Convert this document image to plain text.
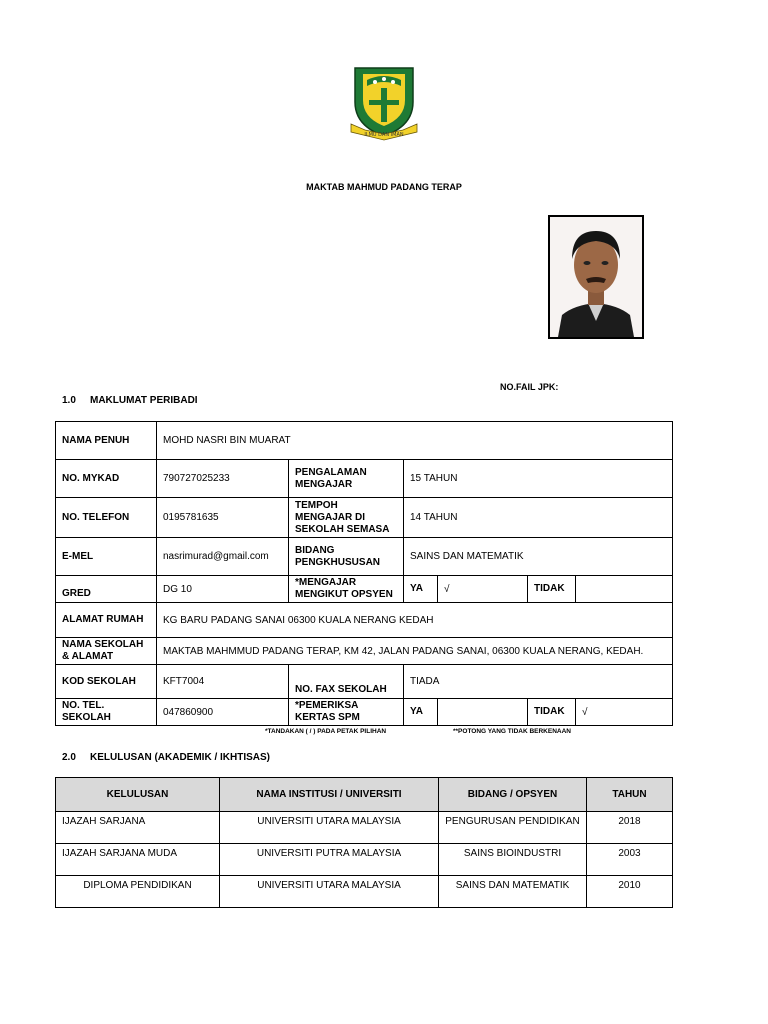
ILMU DAN IMAN
MAKTAB MAHMUD PADANG TERAP
NO.FAIL JPK:
1.0 MAKLUMAT PERIBADI
NAMA PENUH	MOHD NASRI BIN MUARAT					
NO. MYKAD	790727025233	PENGALAMAN MENGAJAR	15 TAHUN			
NO. TELEFON	0195781635	TEMPOH MENGAJAR DI SEKOLAH SEMASA	14 TAHUN			
E-MEL	nasrimurad@gmail.com	BIDANG PENGKHUSUSAN	SAINS DAN MATEMATIK			
GRED	DG 10	*MENGAJAR MENGIKUT OPSYEN	YA	√	TIDAK	
ALAMAT RUMAH	KG BARU PADANG SANAI 06300 KUALA NERANG KEDAH					
NAMA SEKOLAH & ALAMAT	MAKTAB MAHMMUD PADANG TERAP, KM 42, JALAN PADANG SANAI, 06300 KUALA NERANG, KEDAH.					
KOD SEKOLAH	KFT7004	NO. FAX SEKOLAH	TIADA			
NO. TEL. SEKOLAH	047860900	*PEMERIKSA KERTAS SPM	YA		TIDAK	√
*TANDAKAN ( / ) PADA PETAK PILIHAN	**POTONG YANG TIDAK BERKENAAN
2.0 KELULUSAN (AKADEMIK / IKHTISAS)
KELULUSAN	NAMA INSTITUSI / UNIVERSITI	BIDANG / OPSYEN	TAHUN
IJAZAH SARJANA	UNIVERSITI UTARA MALAYSIA	PENGURUSAN PENDIDIKAN	2018
IJAZAH SARJANA MUDA	UNIVERSITI PUTRA MALAYSIA	SAINS BIOINDUSTRI	2003
DIPLOMA PENDIDIKAN	UNIVERSITI UTARA MALAYSIA	SAINS DAN MATEMATIK	2010
